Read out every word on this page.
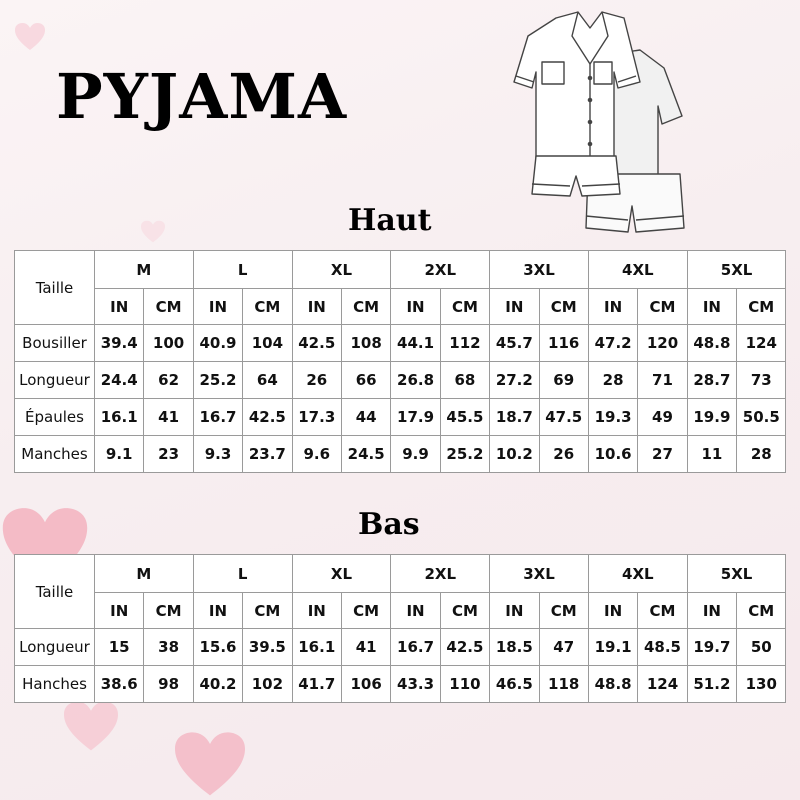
PYJAMA
Haut
Taille	M		L		XL		2XL		3XL		4XL		5XL	
	IN	CM	IN	CM	IN	CM	IN	CM	IN	CM	IN	CM	IN	CM
Bousiller	39.4	100	40.9	104	42.5	108	44.1	112	45.7	116	47.2	120	48.8	124
Longueur	24.4	62	25.2	64	26	66	26.8	68	27.2	69	28	71	28.7	73
Épaules	16.1	41	16.7	42.5	17.3	44	17.9	45.5	18.7	47.5	19.3	49	19.9	50.5
Manches	9.1	23	9.3	23.7	9.6	24.5	9.9	25.2	10.2	26	10.6	27	11	28
Bas
Taille	M		L		XL		2XL		3XL		4XL		5XL	
	IN	CM	IN	CM	IN	CM	IN	CM	IN	CM	IN	CM	IN	CM
Longueur	15	38	15.6	39.5	16.1	41	16.7	42.5	18.5	47	19.1	48.5	19.7	50
Hanches	38.6	98	40.2	102	41.7	106	43.3	110	46.5	118	48.8	124	51.2	130
